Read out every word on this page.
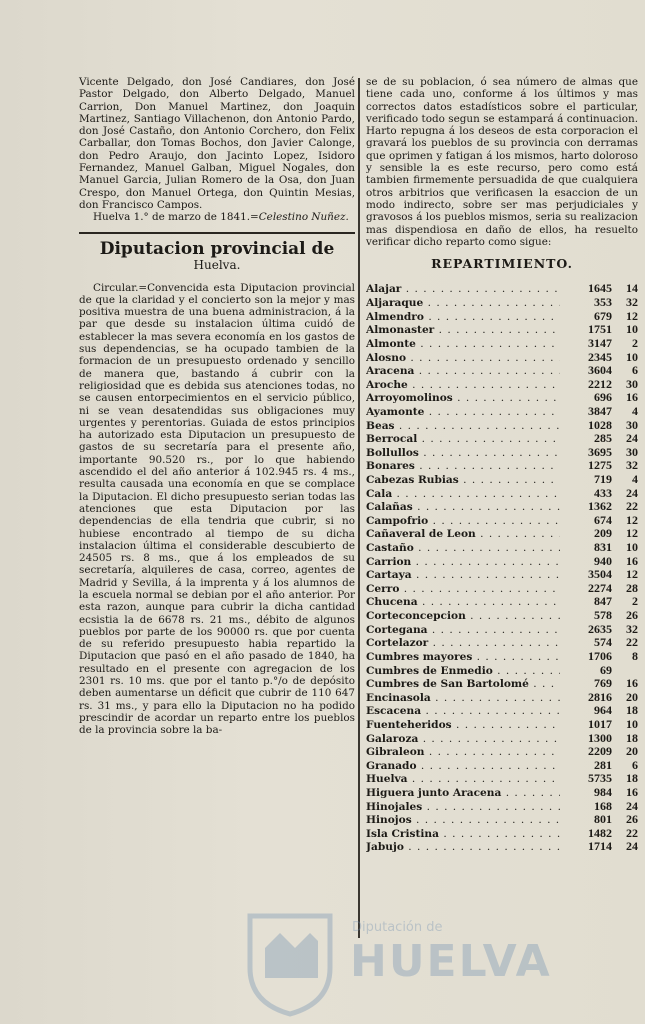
Vicente Delgado, don José Candiares, don José Pastor Delgado, don Alberto Delgado, Manuel Carrion, Don Manuel Martinez, don Joaquin Martinez, Santiago Villachenon, don Antonio Pardo, don José Castaño, don Antonio Corchero, don Felix Carballar, don Tomas Bochos, don Javier Calonge, don Pedro Araujo, don Jacinto Lopez, Isidoro Fernandez, Manuel Galban, Miguel Nogales, don Manuel Garcia, Julian Romero de la Osa, don Juan Crespo, don Manuel Ortega, don Quintin Mesias, don Francisco Campos.

Huelva 1.° de marzo de 1841.=Celestino Nuñez.

Diputacion provincial de
Huelva.

Circular.=Convencida esta Diputacion provincial de que la claridad y el concierto son la mejor y mas positiva muestra de una buena administracion, á la par que desde su instalacion última cuidó de establecer la mas severa economía en los gastos de sus dependencias, se ha ocupado tambien de la formacion de un presupuesto ordenado y sencillo de manera que, bastando á cubrir con la religiosidad que es debida sus atenciones todas, no se causen entorpecimientos en el servicio público, ni se vean desatendidas sus obligaciones muy urgentes y perentorias. Guiada de estos principios ha autorizado esta Diputacion un presupuesto de gastos de su secretaría para el presente año, importante 90.520 rs., por lo que habiendo ascendido el del año anterior á 102.945 rs. 4 ms., resulta causada una economía en que se complace la Diputacion. El dicho presupuesto serian todas las atenciones que esta Diputacion por las dependencias de ella tendria que cubrir, si no hubiese encontrado al tiempo de su dicha instalacion última el considerable descubierto de 24505 rs. 8 ms., que á los empleados de su secretaría, alquileres de casa, correo, agentes de Madrid y Sevilla, á la imprenta y á los alumnos de la escuela normal se debian por el año anterior. Por esta razon, aunque para cubrir la dicha cantidad ecsistia la de 6678 rs. 21 ms., débito de algunos pueblos por parte de los 90000 rs. que por cuenta de su referido presupuesto habia repartido la Diputacion que pasó en el año pasado de 1840, ha resultado en el presente con agregacion de los 2301 rs. 10 ms. que por el tanto p.°/o de depósito deben aumentarse un déficit que cubrir de 110 647 rs. 31 ms., y para ello la Diputacion no ha podido prescindir de acordar un reparto entre los pueblos de la provincia sobre la ba-

se de su poblacion, ó sea número de almas que tiene cada uno, conforme á los últimos y mas correctos datos estadísticos sobre el particular, verificado todo segun se estampará á continuacion. Harto repugna á los deseos de esta corporacion el gravará los pueblos de su provincia con derramas que oprimen y fatigan á los mismos, harto doloroso y sensible la es este recurso, pero como está tambien firmemente persuadida de que cualquiera otros arbitrios que verificasen la esaccion de un modo indirecto, sobre ser mas perjudiciales y gravosos á los pueblos mismos, seria su realizacion mas dispendiosa en daño de ellos, ha resuelto verificar dicho reparto como sigue:

REPARTIMIENTO.
Alajar . . .	1645	14
Aljaraque . . .	353	32
Almendro . . .	679	12
Almonaster . . .	1751	10
Almonte . . .	3147	2
Alosno . . .	2345	10
Aracena . . .	3604	6
Aroche . . .	2212	30
Arroyomolinos . . .	696	16
Ayamonte . . .	3847	4
Beas . . .	1028	30
Berrocal . . .	285	24
Bollullos . . .	3695	30
Bonares . . .	1275	32
Cabezas Rubias . . .	719	4
Cala . . .	433	24
Calañas . . .	1362	22
Campofrio . . .	674	12
Cañaveral de Leon . . .	209	12
Castaño . . .	831	10
Carrion . . .	940	16
Cartaya . . .	3504	12
Cerro . . .	2274	28
Chucena . . .	847	2
Corteconcepcion . . .	578	26
Cortegana . . .	2635	32
Cortelazor . . .	574	22
Cumbres mayores . . .	1706	8
Cumbres de Enmedio . . .	69
Cumbres de San Bartolomé . . .	769	16
Encinasola . . .	2816	20
Escacena . . .	964	18
Fuenteheridos . . .	1017	10
Galaroza . . .	1300	18
Gibraleon . . .	2209	20
Granado . . .	281	6
Huelva . . .	5735	18
Higuera junto Aracena . . .	984	16
Hinojales . . .	168	24
Hinojos . . .	801	26
Isla Cristina . . .	1482	22
Jabujo . . .	1714	24
Diputación de
HUELVA
